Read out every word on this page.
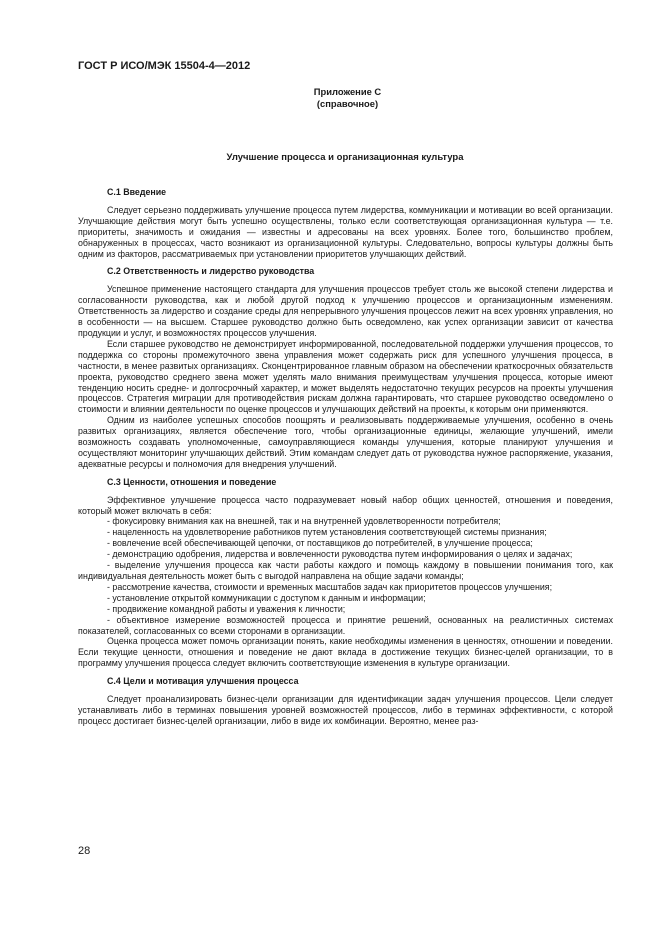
ГОСТ Р ИСО/МЭК 15504-4—2012
Приложение С
(справочное)
Улучшение процесса и организационная культура
С.1 Введение

Следует серьезно поддерживать улучшение процесса путем лидерства, коммуникации и мотивации во всей организации. Улучшающие действия могут быть успешно осуществлены, только если соответствующая организационная культура — т.е. приоритеты, значимость и ожидания — известны и адресованы на всех уровнях. Более того, большинство проблем, обнаруженных в процессах, часто возникают из организационной культуры. Следовательно, вопросы культуры должны быть одним из факторов, рассматриваемых при установлении приоритетов улучшающих действий.

С.2 Ответственность и лидерство руководства

Успешное применение настоящего стандарта для улучшения процессов требует столь же высокой степени лидерства и согласованности руководства, как и любой другой подход к улучшению процессов и организационным изменениям. Ответственность за лидерство и создание среды для непрерывного улучшения процессов лежит на всех уровнях управления, но в особенности — на высшем. Старшее руководство должно быть осведомлено, как успех организации зависит от качества продукции и услуг, и возможностях процессов улучшения.

Если старшее руководство не демонстрирует информированной, последовательной поддержки улучшения процессов, то поддержка со стороны промежуточного звена управления может содержать риск для успешного улучшения процесса, в частности, в менее развитых организациях. Сконцентрированное главным образом на обеспечении краткосрочных обязательств проекта, руководство среднего звена может уделять мало внимания преимуществам улучшения процесса, которые имеют тенденцию носить средне- и долгосрочный характер, и может выделять недостаточно текущих ресурсов на проекты улучшения процессов. Стратегия миграции для противодействия рискам должна гарантировать, что старшее руководство осведомлено о стоимости и влиянии деятельности по оценке процессов и улучшающих действий на проекты, к которым они применяются.

Одним из наиболее успешных способов поощрять и реализовывать поддерживаемые улучшения, особенно в очень развитых организациях, является обеспечение того, чтобы организационные единицы, желающие улучшений, имели возможность создавать уполномоченные, самоуправляющиеся команды улучшения, которые планируют улучшения и осуществляют мониторинг улучшающих действий. Этим командам следует дать от руководства нужное распоряжение, указания, адекватные ресурсы и полномочия для внедрения улучшений.

С.3 Ценности, отношения и поведение

Эффективное улучшение процесса часто подразумевает новый набор общих ценностей, отношения и поведения, который может включать в себя:

- фокусировку внимания как на внешней, так и на внутренней удовлетворенности потребителя;

- нацеленность на удовлетворение работников путем установления соответствующей системы признания;

- вовлечение всей обеспечивающей цепочки, от поставщиков до потребителей, в улучшение процесса;

- демонстрацию одобрения, лидерства и вовлеченности руководства путем информирования о целях и задачах;

- выделение улучшения процесса как части работы каждого и помощь каждому в повышении понимания того, как индивидуальная деятельность может быть с выгодой направлена на общие задачи команды;

- рассмотрение качества, стоимости и временных масштабов задач как приоритетов процессов улучшения;

- установление открытой коммуникации с доступом к данным и информации;

- продвижение командной работы и уважения к личности;

- объективное измерение возможностей процесса и принятие решений, основанных на реалистичных системах показателей, согласованных со всеми сторонами в организации.

Оценка процесса может помочь организации понять, какие необходимы изменения в ценностях, отношении и поведении. Если текущие ценности, отношения и поведение не дают вклада в достижение текущих бизнес-целей организации, то в программу улучшения процесса следует включить соответствующие изменения в культуре организации.

С.4 Цели и мотивация улучшения процесса

Следует проанализировать бизнес-цели организации для идентификации задач улучшения процессов. Цели следует устанавливать либо в терминах повышения уровней возможностей процессов, либо в терминах эффективности, с которой процесс достигает бизнес-целей организации, либо в виде их комбинации. Вероятно, менее раз-

28
